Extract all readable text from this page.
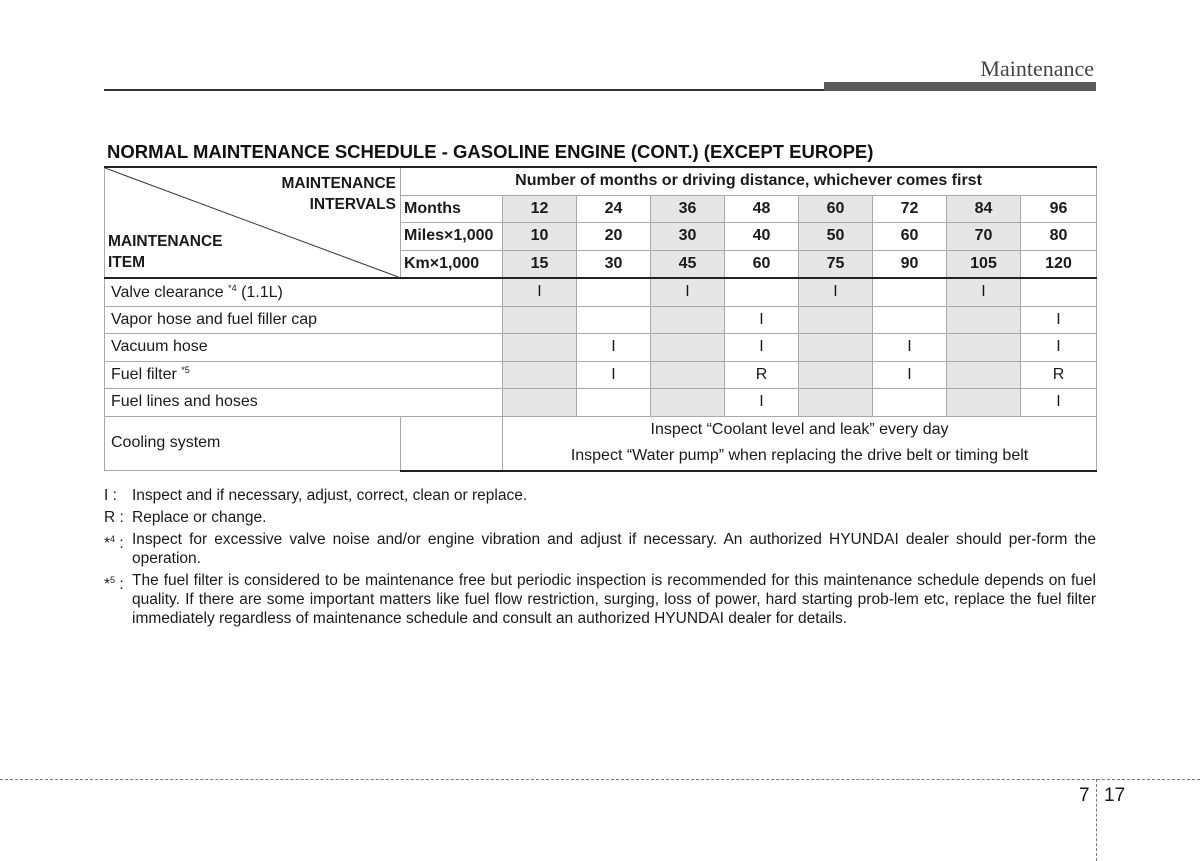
Maintenance
NORMAL MAINTENANCE SCHEDULE - GASOLINE ENGINE (CONT.) (EXCEPT EUROPE)
MAINTENANCE
INTERVALS
MAINTENANCE
ITEM	Number of months or driving distance, whichever comes first								
	Months	12	24	36	48	60	72	84	96
	Miles×1,000	10	20	30	40	50	60	70	80
	Km×1,000	15	30	45	60	75	90	105	120
Valve clearance $^{*4}$ (1.1L)		I		I		I		I	
Vapor hose and fuel filler cap					I				I
Vacuum hose			I		I		I		I
Fuel filter $^{*5}$			I		R		I		R
Fuel lines and hoses					I				I
Cooling system		Inspect “Coolant level and leak” every day							
		Inspect “Water pump” when replacing the drive belt or timing belt							
I : Inspect and if necessary, adjust, correct, clean or replace.
R : Replace or change.
*$^4$ : Inspect for excessive valve noise and/or engine vibration and adjust if necessary. An authorized HYUNDAI dealer should per-form the operation.
*$^5$ : The fuel filter is considered to be maintenance free but periodic inspection is recommended for this maintenance schedule depends on fuel quality. If there are some important matters like fuel flow restriction, surging, loss of power, hard starting prob-lem etc, replace the fuel filter immediately regardless of maintenance schedule and consult an authorized HYUNDAI dealer for details.
7 17
